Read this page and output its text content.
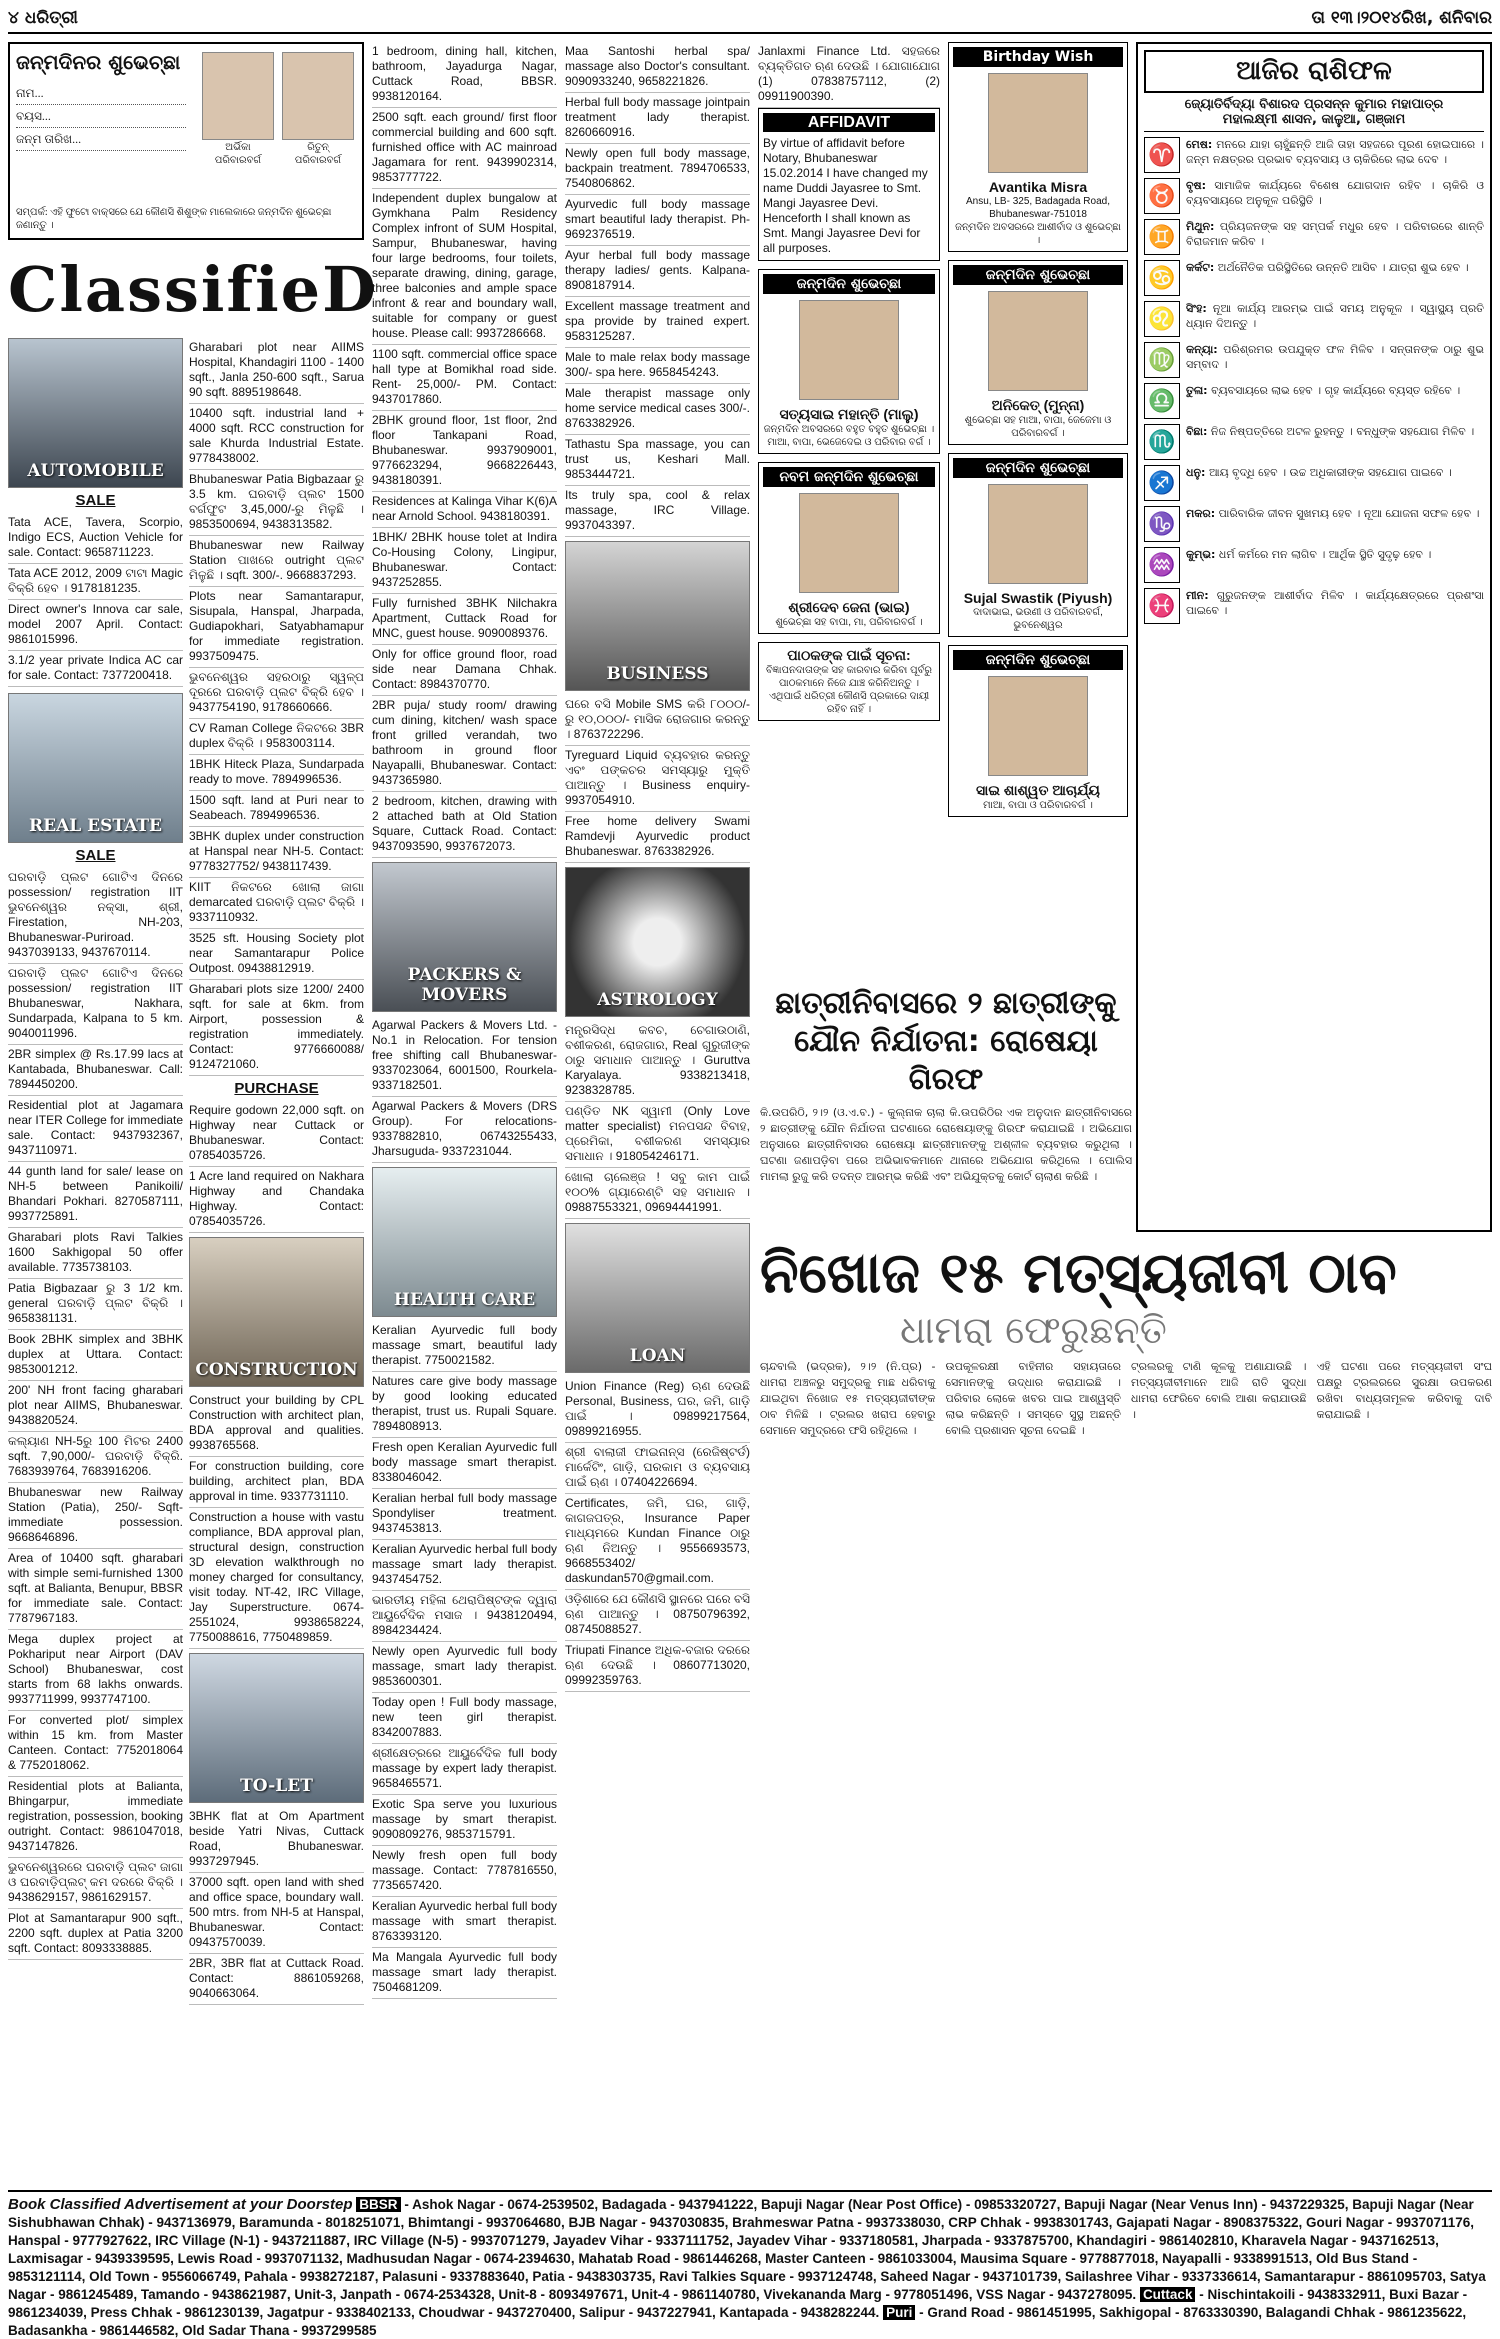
୪ ଧରିତ୍ରୀ	ତା ୧୩।୨୦୧୪ରିଖ, ଶନିବାର
ଜନ୍ମଦିନର ଶୁଭେଚ୍ଛା
ନାମ...
ବୟସ...
ଜନ୍ମ ତାରିଖ...
ଅର୍ଭିକା
ପରିବାରବର୍ଗ
ରିତୁନ୍
ପରିବାରବର୍ଗ
ସମ୍ପର୍କ: ଏହି ଫୁଟୋ ବାକ୍ସରେ ଯେ କୌଣସି ଶିଶୁଙ୍କ ମାଲେକାରେ ଜନ୍ମଦିନ ଶୁଭେଚ୍ଛା ଜଣାନ୍ତୁ ।
ClassifieD
AUTOMOBILE
SALE
Tata ACE, Tavera, Scorpio, Indigo ECS, Auction Vehicle for sale. Contact: 9658711223.
Tata ACE 2012, 2009 ଟାଟା Magic ବିକ୍ରି ହେବ । 9178181235.
Direct owner's Innova car sale, model 2007 April. Contact: 9861015996.
3.1/2 year private Indica AC car for sale. Contact: 7377200418.
REAL ESTATE
SALE
ଘରବାଡ଼ି ପ୍ଲଟ ଗୋଟିଏ ଦିନରେ possession/ registration IIT ଭୁବନେଶ୍ୱର ନକ୍ସା, ଶ୍ରୀ, Firestation, NH-203, Bhubaneswar-Puriroad. 9437039133, 9437670114.
ଘରବାଡ଼ି ପ୍ଲଟ ଗୋଟିଏ ଦିନରେ possession/ registration IIT Bhubaneswar, Nakhara, Sundarpada, Kalpana to 5 km. 9040011996.
2BR simplex @ Rs.17.99 lacs at Kantabada, Bhubaneswar. Call: 7894450200.
Residential plot at Jagamara near ITER College for immediate sale. Contact: 9437932367, 9437110971.
44 gunth land for sale/ lease on NH-5 between Panikoili/ Bhandari Pokhari. 8270587111, 9937725891.
Gharabari plots Ravi Talkies 1600 Sakhigopal 50 offer available. 7735738103.
Patia Bigbazaar ରୁ 3 1/2 km. general ଘରବାଡ଼ି ପ୍ଲଟ ବିକ୍ରି । 9658381131.
Book 2BHK simplex and 3BHK duplex at Uttara. Contact: 9853001212.
200' NH front facing gharabari plot near AIIMS, Bhubaneswar. 9438820524.
କଲ୍ୟାଣ NH-5ରୁ 100 ମିଟର 2400 sqft. 7,90,000/- ଘରବାଡ଼ି ବିକ୍ରି. 7683939764, 7683916206.
Bhubaneswar new Railway Station (Patia), 250/- Sqft- immediate possession. 9668646896.
Area of 10400 sqft. gharabari with simple semi-furnished 1300 sqft. at Balianta, Benupur, BBSR for immediate sale. Contact: 7787967183.
Mega duplex project at Pokhariput near Airport (DAV School) Bhubaneswar, cost starts from 68 lakhs onwards. 9937711999, 9937747100.
For converted plot/ simplex within 15 km. from Master Canteen. Contact: 7752018064 & 7752018062.
Residential plots at Balianta, Bhingarpur, immediate registration, possession, booking outright. Contact: 9861047018, 9437147826.
ଭୁବନେଶ୍ୱରରେ ଘରବାଡ଼ି ପ୍ଲଟ ଜାଗା ଓ ଘରବାଡ଼ିପ୍ଲଟ୍ କମ ଦରରେ ବିକ୍ରି । 9438629157, 9861629157.
Plot at Samantarapur 900 sqft., 2200 sqft. duplex at Patia 3200 sqft. Contact: 8093338885.
Gharabari plot near AIIMS Hospital, Khandagiri 1100 - 1400 sqft., Janla 250-600 sqft., Sarua 90 sqft. 8895198648.
10400 sqft. industrial land + 4000 sqft. RCC construction for sale Khurda Industrial Estate. 9778438002.
Bhubaneswar Patia Bigbazaar ରୁ 3.5 km. ଘରବାଡ଼ି ପ୍ଲଟ 1500 ବର୍ଗଫୁଟ 3,45,000/-ରୁ ମିଳୁଛି । 9853500694, 9438313582.
Bhubaneswar new Railway Station ପାଖରେ outright ପ୍ଲଟ ମିଳୁଛି । sqft. 300/-. 9668837293.
Plots near Samantarapur, Sisupala, Hanspal, Jharpada, Gudiapokhari, Satyabhamapur for immediate registration. 9937509475.
ଭୁବନେଶ୍ୱର ସହରଠାରୁ ସ୍ୱଳ୍ପ ଦୂରରେ ଘରବାଡ଼ି ପ୍ଲଟ ବିକ୍ରି ହେବ । 9437754190, 9178660666.
CV Raman College ନିକଟରେ 3BR duplex ବିକ୍ରି । 9583003114.
1BHK Hiteck Plaza, Sundarpada ready to move. 7894996536.
1500 sqft. land at Puri near to Seabeach. 7894996536.
3BHK duplex under construction at Hanspal near NH-5. Contact: 9778327752/ 9438117439.
KIIT ନିକଟରେ ଖୋଲା ଜାଗା demarcated ଘରବାଡ଼ି ପ୍ଲଟ ବିକ୍ରି । 9337110932.
3525 sft. Housing Society plot near Samantarapur Police Outpost. 09438812919.
Gharabari plots size 1200/ 2400 sqft. for sale at 6km. from Airport, possession & registration immediately. Contact: 9776660088/ 9124721060.
PURCHASE
Require godown 22,000 sqft. on Highway near Cuttack or Bhubaneswar. Contact: 07854035726.
1 Acre land required on Nakhara Highway and Chandaka Highway. Contact: 07854035726.
CONSTRUCTION
Construct your building by CPL Construction with architect plan, BDA approval and qualities. 9938765568.
For construction building, core building, architect plan, BDA approval in time. 9337731110.
Construction a house with vastu compliance, BDA approval plan, structural design, construction 3D elevation walkthrough no money charged for consultancy, visit today. NT-42, IRC Village, Jay Superstructure. 0674-2551024, 9938658224, 7750088616, 7750489859.
TO-LET
3BHK flat at Om Apartment beside Yatri Nivas, Cuttack Road, Bhubaneswar. 9937297945.
37000 sqft. open land with shed and office space, boundary wall. 500 mtrs. from NH-5 at Hanspal, Bhubaneswar. Contact: 09437570039.
2BR, 3BR flat at Cuttack Road. Contact: 8861059268, 9040663064.
1 bedroom, dining hall, kitchen, bathroom, Jayadurga Nagar, Cuttack Road, BBSR. 9938120164.
2500 sqft. each ground/ first floor commercial building and 600 sqft. furnished office with AC mainroad Jagamara for rent. 9439902314, 9853777722.
Independent duplex bungalow at Gymkhana Palm Residency Complex infront of SUM Hospital, Sampur, Bhubaneswar, having four large bedrooms, four toilets, separate drawing, dining, garage, three balconies and ample space infront & rear and boundary wall, suitable for company or guest house. Please call: 9937286668.
1100 sqft. commercial office space hall type at Bomikhal road side. Rent- 25,000/- PM. Contact: 9437017860.
2BHK ground floor, 1st floor, 2nd floor Tankapani Road, Bhubaneswar. 9937909001, 9776623294, 9668226443, 9438180391.
Residences at Kalinga Vihar K(6)A near Arnold School. 9438180391.
1BHK/ 2BHK house tolet at Indira Co-Housing Colony, Lingipur, Bhubaneswar. Contact: 9437252855.
Fully furnished 3BHK Nilchakra Apartment, Cuttack Road for MNC, guest house. 9090089376.
Only for office ground floor, road side near Damana Chhak. Contact: 8984370770.
2BR puja/ study room/ drawing cum dining, kitchen/ wash space front grilled verandah, two bathroom in ground floor Nayapalli, Bhubaneswar. Contact: 9437365980.
2 bedroom, kitchen, drawing with 2 attached bath at Old Station Square, Cuttack Road. Contact: 9437093590, 9937672073.
PACKERS & MOVERS
Agarwal Packers & Movers Ltd. - No.1 in Relocation. For tension free shifting call Bhubaneswar- 9337023064, 6001500, Rourkela- 9337182501.
Agarwal Packers & Movers (DRS Group). For relocations- 9337882810, 06743255433, Jharsuguda- 9337231044.
HEALTH CARE
Keralian Ayurvedic full body massage smart, beautiful lady therapist. 7750021582.
Natures care give body massage by good looking educated therapist, trust us. Rupali Square. 7894808913.
Fresh open Keralian Ayurvedic full body massage smart therapist. 8338046042.
Keralian herbal full body massage Spondyliser treatment. 9437453813.
Keralian Ayurvedic herbal full body massage smart lady therapist. 9437454752.
ଭାରତୀୟ ମହିଳା ଥେରାପିଷ୍ଟଙ୍କ ଦ୍ୱାରା ଆୟୁର୍ବେଦିକ ମସାଜ । 9438120494, 8984234424.
Newly open Ayurvedic full body massage, smart lady therapist. 9853600301.
Today open ! Full body massage, new teen girl therapist. 8342007883.
ଶ୍ରୀକ୍ଷେତ୍ରରେ ଆୟୁର୍ବେଦିକ full body massage by expert lady therapist. 9658465571.
Exotic Spa serve you luxurious massage by smart therapist. 9090809276, 9853715791.
Newly fresh open full body massage. Contact: 7787816550, 7735657420.
Keralian Ayurvedic herbal full body massage with smart therapist. 8763393120.
Ma Mangala Ayurvedic full body massage smart lady therapist. 7504681209.
Maa Santoshi herbal spa/ massage also Doctor's consultant. 9090933240, 9658221826.
Herbal full body massage jointpain treatment lady therapist. 8260660916.
Newly open full body massage, backpain treatment. 7894706533, 7540806862.
Ayurvedic full body massage smart beautiful lady therapist. Ph-9692376519.
Ayur herbal full body massage therapy ladies/ gents. Kalpana- 8908187914.
Excellent massage treatment and spa provide by trained expert. 9583125287.
Male to male relax body massage 300/- spa here. 9658454243.
Male therapist massage only home service medical cases 300/-. 8763382926.
Tathastu Spa massage, you can trust us, Keshari Mall. 9853444721.
Its truly spa, cool & relax massage, IRC Village. 9937043397.
BUSINESS
ଘରେ ବସି Mobile SMS କରି ୮୦୦୦/- ରୁ ୧୦,୦୦୦/- ମାସିକ ରୋଜଗାର କରନ୍ତୁ । 8763722296.
Tyreguard Liquid ବ୍ୟବହାର କରନ୍ତୁ ଏବଂ ପଙ୍କଚର ସମସ୍ୟାରୁ ମୁକ୍ତି ପାଆନ୍ତୁ । Business enquiry- 9937054910.
Free home delivery Swami Ramdevji Ayurvedic product Bhubaneswar. 8763382926.
ASTROLOGY
ମନ୍ତ୍ରସିଦ୍ଧ କବଚ, ଚେଗାଉଠାଣି, ବଶୀକରଣ, ରୋଜଗାର, Real ଗୁରୁଜୀଙ୍କ ଠାରୁ ସମାଧାନ ପାଆନ୍ତୁ । Guruttva Karyalaya. 9338213418, 9238328785.
ପଣ୍ଡିତ NK ସ୍ୱାମୀ (Only Love matter specialist) ମନପସନ୍ଦ ବିବାହ, ପ୍ରେମିକା, ବଶୀକରଣ ସମସ୍ୟାର ସମାଧାନ । 918054246171.
ଖୋଲା ଚାଲେଞ୍ଜ ! ସବୁ କାମ ପାଇଁ ୧୦୦% ଗ୍ୟାରେଣ୍ଟି ସହ ସମାଧାନ । 09887553321, 09694441991.
LOAN
Union Finance (Reg) ଋଣ ଦେଉଛି Personal, Business, ଘର, ଜମି, ଗାଡ଼ି ପାଇଁ । 09899217564, 09899216955.
ଶ୍ରୀ ବାଲାଜୀ ଫାଇନାନ୍ସ (ରେଜିଷ୍ଟର୍ଡ) ମାର୍କେଟିଂ, ଗାଡ଼ି, ଘରକାମ ଓ ବ୍ୟବସାୟ ପାଇଁ ଋଣ । 07404226694.
Certificates, ଜମି, ଘର, ଗାଡ଼ି, କାଗଜପତ୍ର, Insurance Paper ମାଧ୍ୟମରେ Kundan Finance ଠାରୁ ଋଣ ନିଅନ୍ତୁ । 9556693573, 9668553402/ daskundan570@gmail.com.
ଓଡ଼ିଶାରେ ଯେ କୌଣସି ସ୍ଥାନରେ ଘରେ ବସି ଋଣ ପାଆନ୍ତୁ । 08750796392, 08745088527.
Triupati Finance ଅଧିକ-ବଜାର ଦରରେ ଋଣ ଦେଉଛି । 08607713020, 09992359763.
Janlaxmi Finance Ltd. ସହଜରେ ବ୍ୟକ୍ତିଗତ ଋଣ ଦେଉଛି । ଯୋଗାଯୋଗ (1) 07838757112, (2) 09911900390.
AFFIDAVIT
By virtue of affidavit before Notary, Bhubaneswar 15.02.2014 I have changed my name Duddi Jayasree to Smt. Mangi Jayasree Devi. Henceforth I shall known as Smt. Mangi Jayasree Devi for all purposes.
ଜନ୍ମଦିନ ଶୁଭେଚ୍ଛା
ସତ୍ୟସାଇ ମହାନ୍ତି (ମାଲୁ)
ଜନ୍ମଦିନ ଅବସରରେ ବହୁତ ବହୁତ ଶୁଭେଚ୍ଛା । ମାଆ, ବାପା, ଭେଜେଦେଇ ଓ ପରିବାର ବର୍ଗ ।
ନବମ ଜନ୍ମଦିନ ଶୁଭେଚ୍ଛା
ଶ୍ରୀଦେବ ଜେନା (ଭାଇ)
ଶୁଭେଚ୍ଛା ସହ ବାପା, ମା, ପରିବାରବର୍ଗ ।
ପାଠକଙ୍କ ପାଇଁ ସୂଚନା:
ବିଜ୍ଞାପନଦାତାଙ୍କ ସହ କାରବାର କରିବା ପୂର୍ବରୁ ପାଠକମାନେ ନିଜେ ଯାଞ୍ଚ କରିନିଅନ୍ତୁ । ଏଥିପାଇଁ ଧରିତ୍ରୀ କୌଣସି ପ୍ରକାରେ ଦାୟୀ ରହିବ ନାହିଁ ।
Birthday Wish
Avantika Misra
Ansu, LB- 325, Badagada Road, Bhubaneswar-751018
ଜନ୍ମଦିନ ଅବସରରେ ଆଶୀର୍ବାଦ ଓ ଶୁଭେଚ୍ଛା ।
ଜନ୍ମଦିନ ଶୁଭେଚ୍ଛା
ଅନିକେତ୍ (ମୁନ୍ନା)
ଶୁଭେଚ୍ଛା ସହ ମାଆ, ବାପା, ଜେଜେମା ଓ ପରିବାରବର୍ଗ ।
ଜନ୍ମଦିନ ଶୁଭେଚ୍ଛା
Sujal Swastik (Piyush)
ଦାଦାଭାଇ, ଭଉଣୀ ଓ ପରିବାରବର୍ଗ, ଭୁବନେଶ୍ୱର
ଜନ୍ମଦିନ ଶୁଭେଚ୍ଛା
ସାଇ ଶାଶ୍ୱତ ଆଚାର୍ଯ୍ୟ
ମାଆ, ବାପା ଓ ପରିବାରବର୍ଗ ।
ଆଜିର ରାଶିଫଳ
ଜ୍ୟୋତିର୍ବିଦ୍ୟା ବିଶାରଦ ପ୍ରସନ୍ନ କୁମାର ମହାପାତ୍ର
ମହାଲକ୍ଷ୍ମୀ ଶାସନ, କାଳୁଆ, ଗଞ୍ଜାମ
♈ ମେଷ: ମନରେ ଯାହା ଚାହୁଁଛନ୍ତି ଆଜି ତାହା ସହଜରେ ପୂରଣ ହୋଇପାରେ । ଜନ୍ମ ନକ୍ଷତ୍ରର ପ୍ରଭାବ ବ୍ୟବସାୟ ଓ ଚାକିରିରେ ଲାଭ ଦେବ ।
♉ ବୃଷ: ସାମାଜିକ କାର୍ଯ୍ୟରେ ବିଶେଷ ଯୋଗଦାନ ରହିବ । ଚାକିରି ଓ ବ୍ୟବସାୟରେ ଅନୁକୂଳ ପରିସ୍ଥିତି ।
♊ ମିଥୁନ: ପ୍ରିୟଜନଙ୍କ ସହ ସମ୍ପର୍କ ମଧୁର ହେବ । ପରିବାରରେ ଶାନ୍ତି ବିରାଜମାନ କରିବ ।
♋ କର୍କଟ: ଅର୍ଥନୈତିକ ପରିସ୍ଥିତିରେ ଉନ୍ନତି ଆସିବ । ଯାତ୍ରା ଶୁଭ ହେବ ।
♌ ସିଂହ: ନୂଆ କାର୍ଯ୍ୟ ଆରମ୍ଭ ପାଇଁ ସମୟ ଅନୁକୂଳ । ସ୍ୱାସ୍ଥ୍ୟ ପ୍ରତି ଧ୍ୟାନ ଦିଅନ୍ତୁ ।
♍ କନ୍ୟା: ପରିଶ୍ରମର ଉପଯୁକ୍ତ ଫଳ ମିଳିବ । ସନ୍ତାନଙ୍କ ଠାରୁ ଶୁଭ ସମ୍ବାଦ ।
♎ ତୁଳା: ବ୍ୟବସାୟରେ ଲାଭ ହେବ । ଗୃହ କାର୍ଯ୍ୟରେ ବ୍ୟସ୍ତ ରହିବେ ।
♏ ବିଛା: ନିଜ ନିଷ୍ପତ୍ତିରେ ଅଟଳ ରୁହନ୍ତୁ । ବନ୍ଧୁଙ୍କ ସହଯୋଗ ମିଳିବ ।
♐ ଧନୁ: ଆୟ ବୃଦ୍ଧି ହେବ । ଉଚ୍ଚ ଅଧିକାରୀଙ୍କ ସହଯୋଗ ପାଇବେ ।
♑ ମକର: ପାରିବାରିକ ଜୀବନ ସୁଖମୟ ହେବ । ନୂଆ ଯୋଜନା ସଫଳ ହେବ ।
♒ କୁମ୍ଭ: ଧର୍ମ କର୍ମରେ ମନ ଲାଗିବ । ଆର୍ଥିକ ସ୍ଥିତି ସୁଦୃଢ଼ ହେବ ।
♓ ମୀନ: ଗୁରୁଜନଙ୍କ ଆଶୀର୍ବାଦ ମିଳିବ । କାର୍ଯ୍ୟକ୍ଷେତ୍ରରେ ପ୍ରଶଂସା ପାଇବେ ।
ଛାତ୍ରୀନିବାସରେ ୨ ଛାତ୍ରୀଙ୍କୁ ଯୌନ ନିର୍ଯାତନା: ରୋଷେୟା ଗିରଫ
କି.ଉପରିଠି, ୨।୨ (ଓ.ଏ.ବ.) - କୁଲ୍‌ନାକ ଚାଲା କି.ଉପରିଠିର ଏକ ଅନୁଦାନ ଛାତ୍ରୀନିବାସରେ ୨ ଛାତ୍ରୀଙ୍କୁ ଯୌନ ନିର୍ଯାତନା ଘଟଣାରେ ରୋଷେୟାଙ୍କୁ ଗିରଫ କରାଯାଇଛି । ଅଭିଯୋଗ ଅନୁସାରେ ଛାତ୍ରୀନିବାସର ରୋଷେୟା ଛାତ୍ରୀମାନଙ୍କୁ ଅଶ୍ଳୀଳ ବ୍ୟବହାର କରୁଥିଲା । ଘଟଣା ଜଣାପଡ଼ିବା ପରେ ଅଭିଭାବକମାନେ ଥାନାରେ ଅଭିଯୋଗ କରିଥିଲେ । ପୋଲିସ ମାମଲା ରୁଜୁ କରି ତଦନ୍ତ ଆରମ୍ଭ କରିଛି ଏବଂ ଅଭିଯୁକ୍ତକୁ କୋର୍ଟ ଚାଲାଣ କରିଛି ।
ନିଖୋଜ ୧୫ ମତ୍ସ୍ୟଜୀବୀ ଠାବ
ଧାମରା ଫେରୁଛନ୍ତି
ଚାନ୍ଦବାଲି (ଭଦ୍ରକ), ୨।୨ (ନି.ପ୍ର) - ଧାମରା ଅଞ୍ଚଳରୁ ସମୁଦ୍ରକୁ ମାଛ ଧରିବାକୁ ଯାଇଥିବା ନିଖୋଜ ୧୫ ମତ୍ସ୍ୟଜୀବୀଙ୍କ ଠାବ ମିଳିଛି । ଟ୍ରଲର ଖରାପ ହେବାରୁ ସେମାନେ ସମୁଦ୍ରରେ ଫସି ରହିଥିଲେ ।
ଉପକୂଳରକ୍ଷୀ ବାହିନୀର ସହାୟତାରେ ସେମାନଙ୍କୁ ଉଦ୍ଧାର କରାଯାଇଛି । ପରିବାର ଲୋକେ ଖବର ପାଇ ଆଶ୍ୱସ୍ତି ଲାଭ କରିଛନ୍ତି । ସମସ୍ତେ ସୁସ୍ଥ ଅଛନ୍ତି ବୋଲି ପ୍ରଶାସନ ସୂଚନା ଦେଇଛି ।
ଟ୍ରଲରକୁ ଟାଣି କୂଳକୁ ଅଣାଯାଉଛି । ମତ୍ସ୍ୟଜୀବୀମାନେ ଆଜି ରାତି ସୁଦ୍ଧା ଧାମରା ଫେରିବେ ବୋଲି ଆଶା କରାଯାଉଛି ।
ଏହି ଘଟଣା ପରେ ମତ୍ସ୍ୟଜୀବୀ ସଂଘ ପକ୍ଷରୁ ଟ୍ରଲରରେ ସୁରକ୍ଷା ଉପକରଣ ରଖିବା ବାଧ୍ୟତାମୂଳକ କରିବାକୁ ଦାବି କରାଯାଇଛି ।
Book Classified Advertisement at your Doorstep BBSR - Ashok Nagar - 0674-2539502, Badagada - 9437941222, Bapuji Nagar (Near Post Office) - 09853320727, Bapuji Nagar (Near Venus Inn) - 9437229325, Bapuji Nagar (Near Sishubhawan Chhak) - 9437136979, Baramunda - 8018251071, Bhimtangi - 9937064680, BJB Nagar - 9437030835, Brahmeswar Patna - 9937338030, CRP Chhak - 9938301743, Gajapati Nagar - 8908375322, Gouri Nagar - 9937071176, Hanspal - 9777927622, IRC Village (N-1) - 9437211887, IRC Village (N-5) - 9937071279, Jayadev Vihar - 9337111752, Jayadev Vihar - 9337180581, Jharpada - 9337875700, Khandagiri - 9861402810, Kharavela Nagar - 9437162513, Laxmisagar - 9439339595, Lewis Road - 9937071132, Madhusudan Nagar - 0674-2394630, Mahatab Road - 9861446268, Master Canteen - 9861033004, Mausima Square - 9778877018, Nayapalli - 9338991513, Old Bus Stand - 9853121114, Old Town - 9556066749, Pahala - 9938272187, Palasuni - 9337883640, Patia - 9438303735, Ravi Talkies Square - 9937124748, Saheed Nagar - 9437101739, Sailashree Vihar - 9337336614, Samantarapur - 8861095703, Satya Nagar - 9861245489, Tamando - 9438621987, Unit-3, Janpath - 0674-2534328, Unit-8 - 8093497671, Unit-4 - 9861140780, Vivekananda Marg - 9778051496, VSS Nagar - 9437278095. Cuttack - Nischintakoili - 9438332911, Buxi Bazar - 9861234039, Press Chhak - 9861230139, Jagatpur - 9338402133, Choudwar - 9437270400, Salipur - 9437227941, Kantapada - 9438282244. Puri - Grand Road - 9861451995, Sakhigopal - 8763330390, Balagandi Chhak - 9861235622, Badasankha - 9861446582, Old Sadar Thana - 9937299585
